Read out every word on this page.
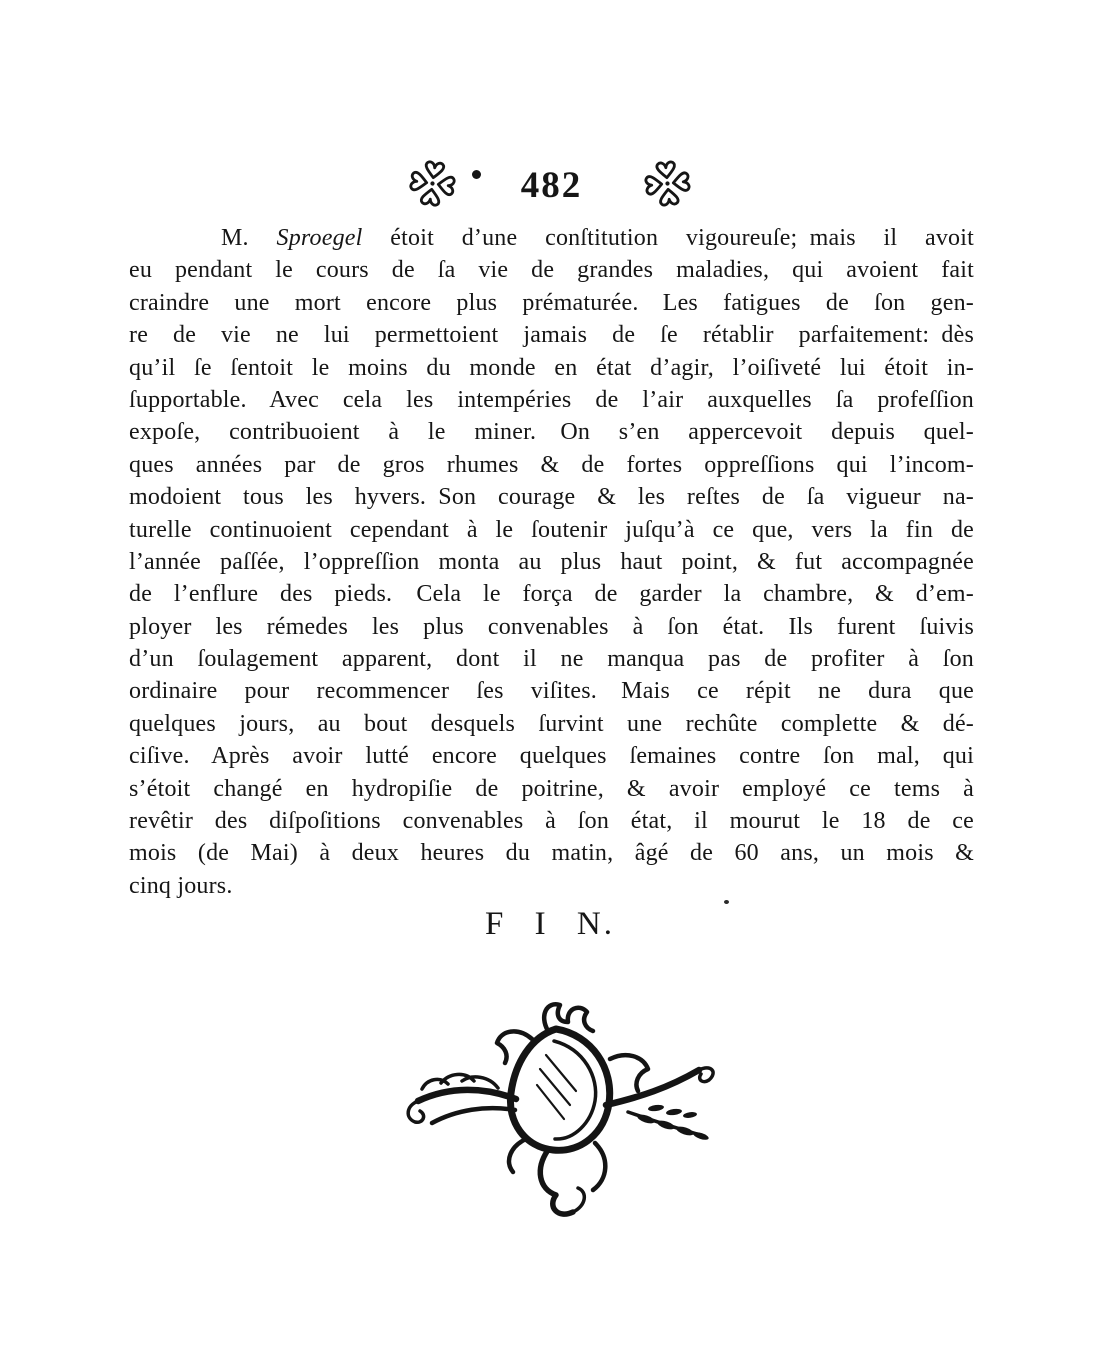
482
M. Sproegel étoit d’une conſtitution vigoureuſe; mais il avoit
eu pendant le cours de ſa vie de grandes maladies, qui avoient fait
craindre une mort encore plus prématurée. Les fatigues de ſon gen-
re de vie ne lui permettoient jamais de ſe rétablir parfaitement: dès
qu’il ſe ſentoit le moins du monde en état d’agir, l’oiſiveté lui étoit in-
ſupportable. Avec cela les intempéries de l’air auxquelles ſa profeſſion
expoſe, contribuoient à le miner. On s’en appercevoit depuis quel-
ques années par de gros rhumes & de fortes oppreſſions qui l’incom-
modoient tous les hyvers. Son courage & les reſtes de ſa vigueur na-
turelle continuoient cependant à le ſoutenir juſqu’à ce que, vers la fin de
l’année paſſée, l’oppreſſion monta au plus haut point, & fut accompagnée
de l’enflure des pieds. Cela le força de garder la chambre, & d’em-
ployer les rémedes les plus convenables à ſon état. Ils furent ſuivis
d’un ſoulagement apparent, dont il ne manqua pas de profiter à ſon
ordinaire pour recommencer ſes viſites. Mais ce répit ne dura que
quelques jours, au bout desquels ſurvint une rechûte complette & dé-
ciſive. Après avoir lutté encore quelques ſemaines contre ſon mal, qui
s’étoit changé en hydropiſie de poitrine, & avoir employé ce tems à
revêtir des diſpoſitions convenables à ſon état, il mourut le 18 de ce
mois (de Mai) à deux heures du matin, âgé de 60 ans, un mois &
cinq jours.
F I N.
